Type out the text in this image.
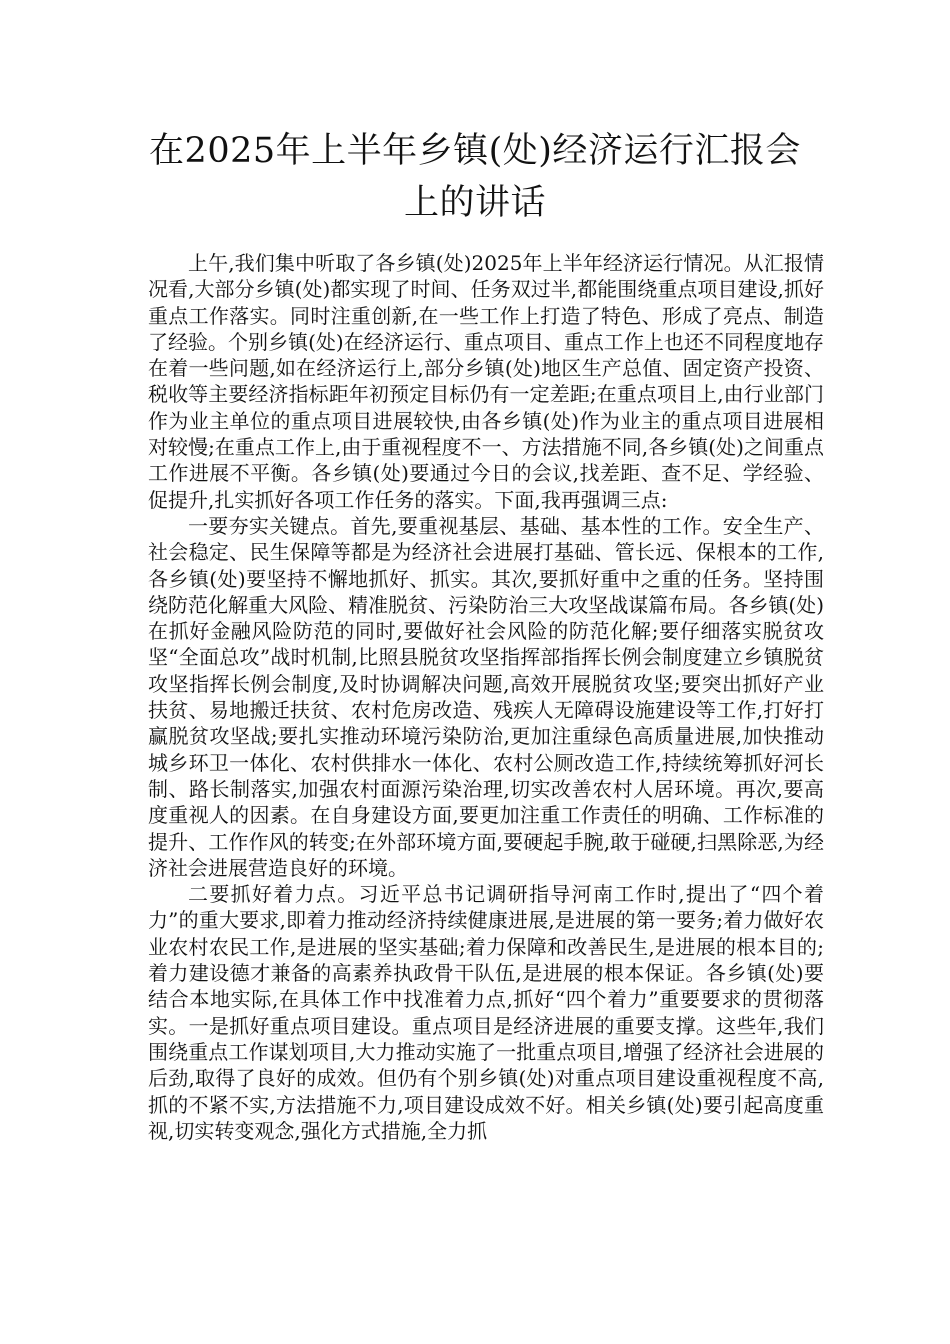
在2025年上半年乡镇(处)经济运行汇报会
上的讲话

上午,我们集中听取了各乡镇(处)2025年上半年经济运行情况。从汇报情况看,大部分乡镇(处)都实现了时间、任务双过半,都能围绕重点项目建设,抓好重点工作落实。同时注重创新,在一些工作上打造了特色、形成了亮点、制造了经验。个别乡镇(处)在经济运行、重点项目、重点工作上也还不同程度地存在着一些问题,如在经济运行上,部分乡镇(处)地区生产总值、固定资产投资、税收等主要经济指标距年初预定目标仍有一定差距;在重点项目上,由行业部门作为业主单位的重点项目进展较快,由各乡镇(处)作为业主的重点项目进展相对较慢;在重点工作上,由于重视程度不一、方法措施不同,各乡镇(处)之间重点工作进展不平衡。各乡镇(处)要通过今日的会议,找差距、查不足、学经验、促提升,扎实抓好各项工作任务的落实。下面,我再强调三点:

一要夯实关键点。首先,要重视基层、基础、基本性的工作。安全生产、社会稳定、民生保障等都是为经济社会进展打基础、管长远、保根本的工作,各乡镇(处)要坚持不懈地抓好、抓实。其次,要抓好重中之重的任务。坚持围绕防范化解重大风险、精准脱贫、污染防治三大攻坚战谋篇布局。各乡镇(处)在抓好金融风险防范的同时,要做好社会风险的防范化解;要仔细落实脱贫攻坚“全面总攻”战时机制,比照县脱贫攻坚指挥部指挥长例会制度建立乡镇脱贫攻坚指挥长例会制度,及时协调解决问题,高效开展脱贫攻坚;要突出抓好产业扶贫、易地搬迁扶贫、农村危房改造、残疾人无障碍设施建设等工作,打好打赢脱贫攻坚战;要扎实推动环境污染防治,更加注重绿色高质量进展,加快推动城乡环卫一体化、农村供排水一体化、农村公厕改造工作,持续统筹抓好河长制、路长制落实,加强农村面源污染治理,切实改善农村人居环境。再次,要高度重视人的因素。在自身建设方面,要更加注重工作责任的明确、工作标准的提升、工作作风的转变;在外部环境方面,要硬起手腕,敢于碰硬,扫黑除恶,为经济社会进展营造良好的环境。

二要抓好着力点。习近平总书记调研指导河南工作时,提出了“四个着力”的重大要求,即着力推动经济持续健康进展,是进展的第一要务;着力做好农业农村农民工作,是进展的坚实基础;着力保障和改善民生,是进展的根本目的;着力建设德才兼备的高素养执政骨干队伍,是进展的根本保证。各乡镇(处)要结合本地实际,在具体工作中找准着力点,抓好“四个着力”重要要求的贯彻落实。一是抓好重点项目建设。重点项目是经济进展的重要支撑。这些年,我们围绕重点工作谋划项目,大力推动实施了一批重点项目,增强了经济社会进展的后劲,取得了良好的成效。但仍有个别乡镇(处)对重点项目建设重视程度不高,抓的不紧不实,方法措施不力,项目建设成效不好。相关乡镇(处)要引起高度重视,切实转变观念,强化方式措施,全力抓
